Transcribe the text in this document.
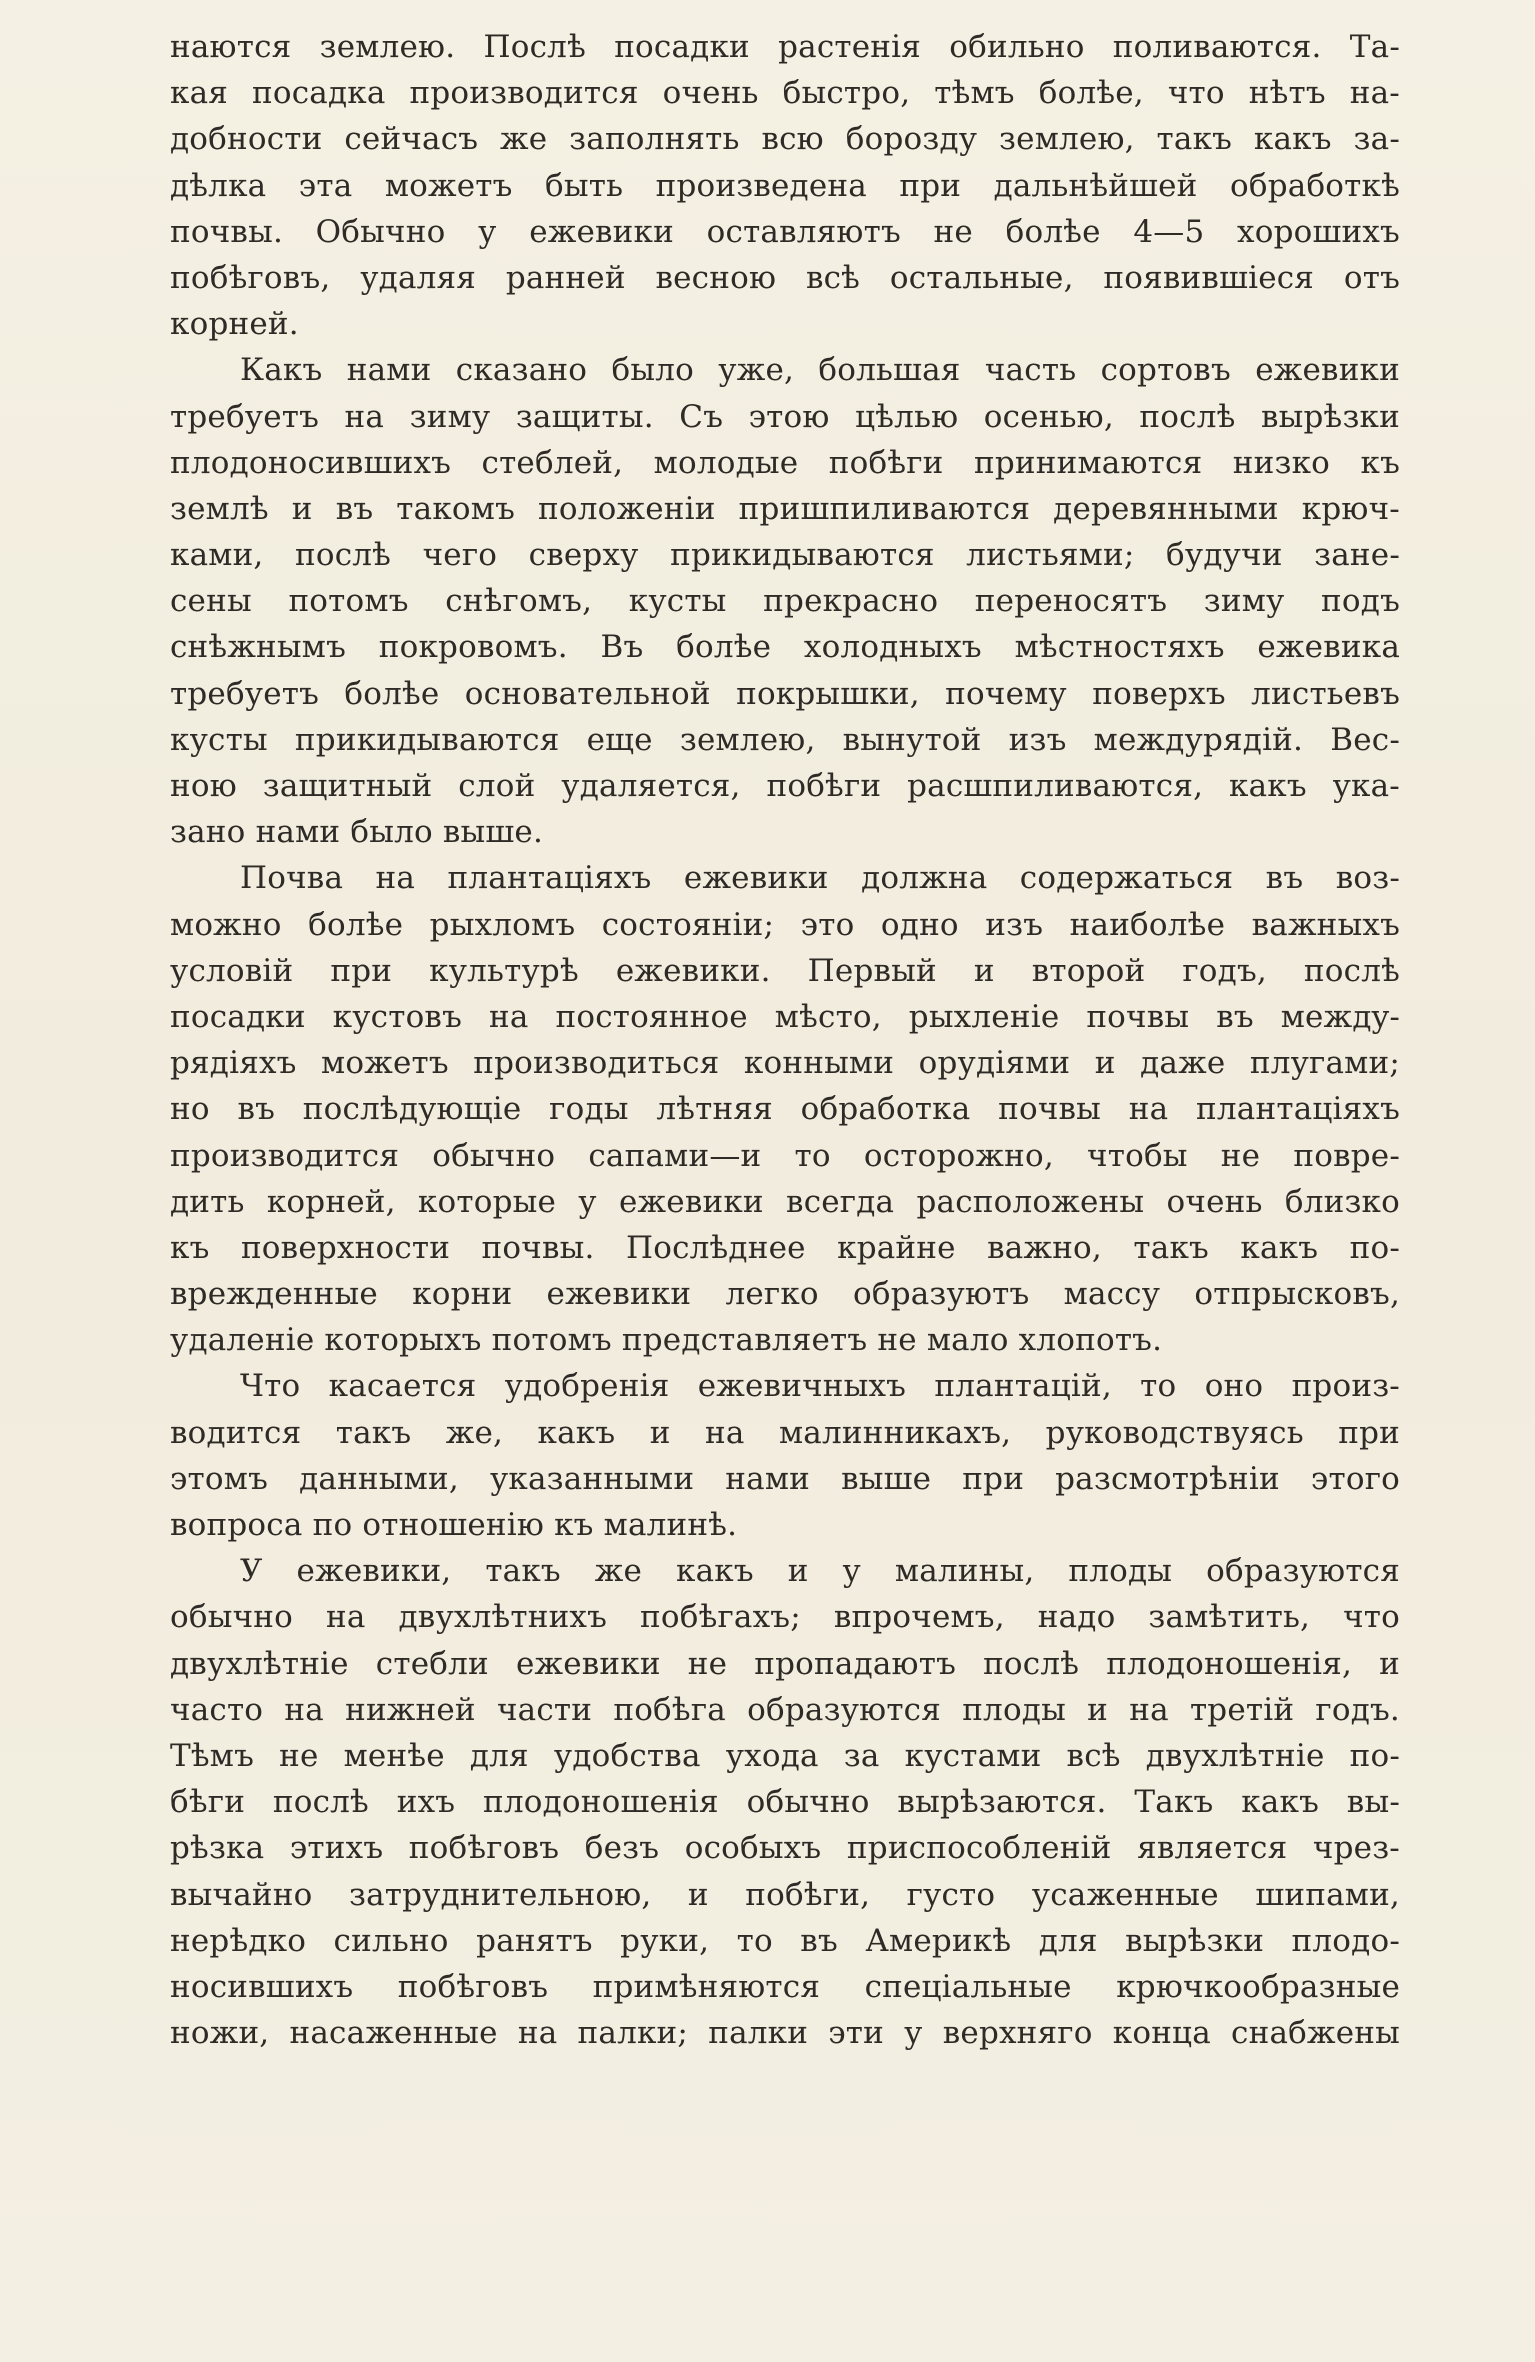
наются землею. Послѣ посадки растенія обильно поливаются. Та-
кая посадка производится очень быстро, тѣмъ болѣе, что нѣтъ на-
добности сейчасъ же заполнять всю борозду землею, такъ какъ за-
дѣлка эта можетъ быть произведена при дальнѣйшей обработкѣ
почвы. Обычно у ежевики оставляютъ не болѣе 4—5 хорошихъ
побѣговъ, удаляя ранней весною всѣ остальные, появившіеся отъ
корней.
Какъ нами сказано было уже, большая часть сортовъ ежевики
требуетъ на зиму защиты. Съ этою цѣлью осенью, послѣ вырѣзки
плодоносившихъ стеблей, молодые побѣги принимаются низко къ
землѣ и въ такомъ положеніи пришпиливаются деревянными крюч-
ками, послѣ чего сверху прикидываются листьями; будучи зане-
сены потомъ снѣгомъ, кусты прекрасно переносятъ зиму подъ
снѣжнымъ покровомъ. Въ болѣе холодныхъ мѣстностяхъ ежевика
требуетъ болѣе основательной покрышки, почему поверхъ листьевъ
кусты прикидываются еще землею, вынутой изъ междурядій. Вес-
ною защитный слой удаляется, побѣги расшпиливаются, какъ ука-
зано нами было выше.
Почва на плантаціяхъ ежевики должна содержаться въ воз-
можно болѣе рыхломъ состояніи; это одно изъ наиболѣе важныхъ
условій при культурѣ ежевики. Первый и второй годъ, послѣ
посадки кустовъ на постоянное мѣсто, рыхленіе почвы въ междy-
рядіяхъ можетъ производиться конными орудіями и даже плугами;
но въ послѣдующіе годы лѣтняя обработка почвы на плантаціяхъ
производится обычно сапами—и то осторожно, чтобы не повре-
дить корней, которые у ежевики всегда расположены очень близко
къ поверхности почвы. Послѣднее крайне важно, такъ какъ по-
врежденные корни ежевики легко образуютъ массу отпрысковъ,
удаленіе которыхъ потомъ представляетъ не мало хлопотъ.
Что касается удобренія ежевичныхъ плантацій, то оно произ-
водится такъ же, какъ и на малинникахъ, руководствуясь при
этомъ данными, указанными нами выше при разсмотрѣніи этого
вопроса по отношенію къ малинѣ.
У ежевики, такъ же какъ и у малины, плоды образуются
обычно на двухлѣтнихъ побѣгахъ; впрочемъ, надо замѣтить, что
двухлѣтніе стебли ежевики не пропадаютъ послѣ плодоношенія, и
часто на нижней части побѣга образуются плоды и на третій годъ.
Тѣмъ не менѣе для удобства ухода за кустами всѣ двухлѣтніе по-
бѣги послѣ ихъ плодоношенія обычно вырѣзаются. Такъ какъ вы-
рѣзка этихъ побѣговъ безъ особыхъ приспособленій является чрез-
вычайно затруднительною, и побѣги, густо усаженные шипами,
нерѣдко сильно ранятъ руки, то въ Америкѣ для вырѣзки плодо-
носившихъ побѣговъ примѣняются спеціальные крючкообразные
ножи, насаженные на палки; палки эти у верхняго конца снабжены
